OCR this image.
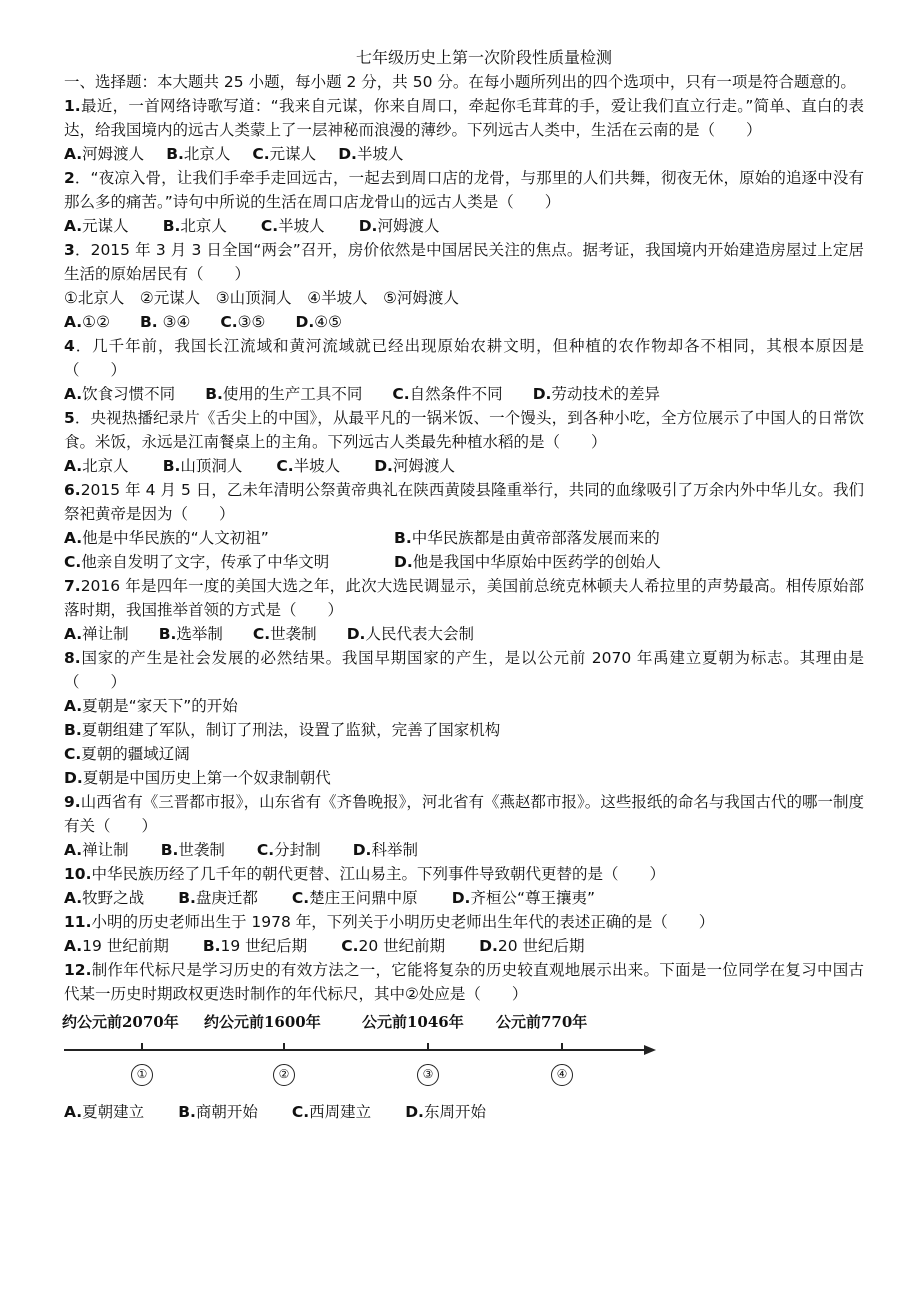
七年级历史上第一次阶段性质量检测

一、选择题：本大题共 25 小题，每小题 2 分，共 50 分。在每小题所列出的四个选项中，只有一项是符合题意的。

1.最近，一首网络诗歌写道：“我来自元谋，你来自周口，牵起你毛茸茸的手，爱让我们直立行走。”简单、直白的表达，给我国境内的远古人类蒙上了一层神秘而浪漫的薄纱。下列远古人类中，生活在云南的是（　　）

A.河姆渡人 B.北京人 C.元谋人 D.半坡人

2．“夜凉入骨，让我们手牵手走回远古，一起去到周口店的龙骨，与那里的人们共舞，彻夜无休，原始的追逐中没有那么多的痛苦。”诗句中所说的生活在周口店龙骨山的远古人类是（　　）

A.元谋人 B.北京人 C.半坡人 D.河姆渡人

3．2015 年 3 月 3 日全国“两会”召开，房价依然是中国居民关注的焦点。据考证，我国境内开始建造房屋过上定居生活的原始居民有（　　）

①北京人　②元谋人　③山顶洞人　④半坡人　⑤河姆渡人

A.①② B. ③④ C.③⑤ D.④⑤

4．几千年前，我国长江流域和黄河流域就已经出现原始农耕文明，但种植的农作物却各不相同，其根本原因是（　　）

A.饮食习惯不同 B.使用的生产工具不同 C.自然条件不同 D.劳动技术的差异

5．央视热播纪录片《舌尖上的中国》，从最平凡的一锅米饭、一个馒头，到各种小吃，全方位展示了中国人的日常饮食。米饭，永远是江南餐桌上的主角。下列远古人类最先种植水稻的是（　　）

A.北京人 B.山顶洞人 C.半坡人 D.河姆渡人

6.2015 年 4 月 5 日，乙未年清明公祭黄帝典礼在陕西黄陵县隆重举行，共同的血缘吸引了万余内外中华儿女。我们祭祀黄帝是因为（　　）

A.他是中华民族的“人文初祖”	B.中华民族都是由黄帝部落发展而来的
C.他亲自发明了文字，传承了中华文明	D.他是我国中华原始中医药学的创始人

7.2016 年是四年一度的美国大选之年，此次大选民调显示，美国前总统克林顿夫人希拉里的声势最高。相传原始部落时期，我国推举首领的方式是（　　）

A.禅让制 B.选举制 C.世袭制 D.人民代表大会制

8.国家的产生是社会发展的必然结果。我国早期国家的产生，是以公元前 2070 年禹建立夏朝为标志。其理由是（　　）

A.夏朝是“家天下”的开始
B.夏朝组建了军队，制订了刑法，设置了监狱，完善了国家机构
C.夏朝的疆域辽阔
D.夏朝是中国历史上第一个奴隶制朝代

9.山西省有《三晋都市报》，山东省有《齐鲁晚报》，河北省有《燕赵都市报》。这些报纸的命名与我国古代的哪一制度有关（　　）

A.禅让制 B.世袭制 C.分封制 D.科举制

10.中华民族历经了几千年的朝代更替、江山易主。下列事件导致朝代更替的是（　　）

A.牧野之战 B.盘庚迁都 C.楚庄王问鼎中原 D.齐桓公“尊王攘夷”

11.小明的历史老师出生于 1978 年，下列关于小明历史老师出生年代的表述正确的是（　　）

A.19 世纪前期 B.19 世纪后期 C.20 世纪前期 D.20 世纪后期

12.制作年代标尺是学习历史的有效方法之一，它能将复杂的历史较直观地展示出来。下面是一位同学在复习中国古代某一历史时期政权更迭时制作的年代标尺，其中②处应是（　　）

约公元前2070年 约公元前1600年	公元前1046年 公元前770年
①	②	③	④
A.夏朝建立 B.商朝开始 C.西周建立 D.东周开始
